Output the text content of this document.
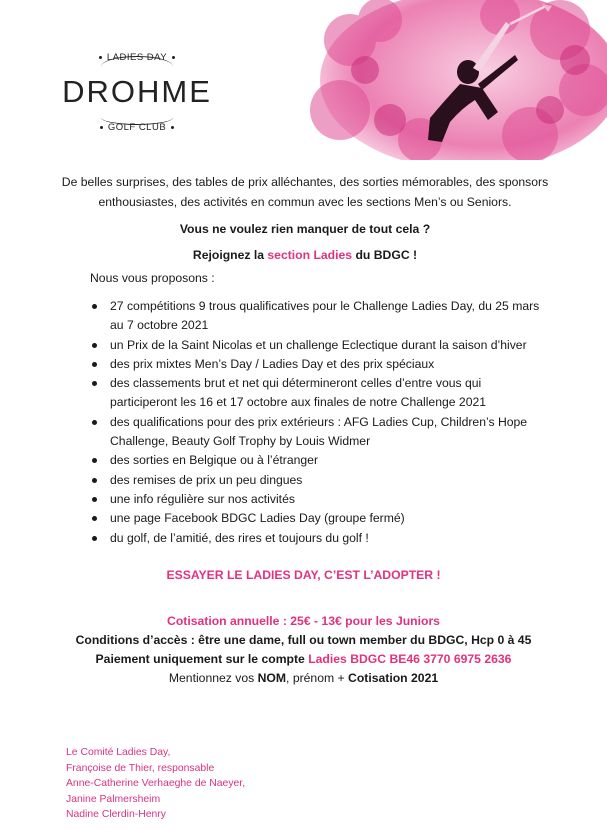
LADIES DAY
DROHME
GOLF CLUB
De belles surprises, des tables de prix alléchantes, des sorties mémorables, des sponsors enthousiastes, des activités en commun avec les sections Men’s ou Seniors.
Vous ne voulez rien manquer de tout cela ?
Rejoignez la section Ladies du BDGC !
Nous vous proposons :
27 compétitions 9 trous qualificatives pour le Challenge Ladies Day, du 25 mars au 7 octobre 2021
un Prix de la Saint Nicolas et un challenge Eclectique durant la saison d’hiver
des prix mixtes Men’s Day / Ladies Day et des prix spéciaux
des classements brut et net qui détermineront celles d’entre vous qui participeront les 16 et 17 octobre aux finales de notre Challenge 2021
des qualifications pour des prix extérieurs : AFG Ladies Cup, Children’s Hope Challenge, Beauty Golf Trophy by Louis Widmer
des sorties en Belgique ou à l’étranger
des remises de prix un peu dingues
une info régulière sur nos activités
une page Facebook BDGC Ladies Day (groupe fermé)
du golf, de l’amitié, des rires et toujours du golf !
ESSAYER LE LADIES DAY, C’EST L’ADOPTER !
Cotisation annuelle : 25€ - 13€ pour les Juniors
Conditions d’accès : être une dame, full ou town member du BDGC, Hcp 0 à 45
Paiement uniquement sur le compte Ladies BDGC BE46 3770 6975 2636
Mentionnez vos NOM, prénom + Cotisation 2021
Le Comité Ladies Day,
Françoise de Thier, responsable
Anne-Catherine Verhaeghe de Naeyer,
Janine Palmersheim
Nadine Clerdin-Henry
